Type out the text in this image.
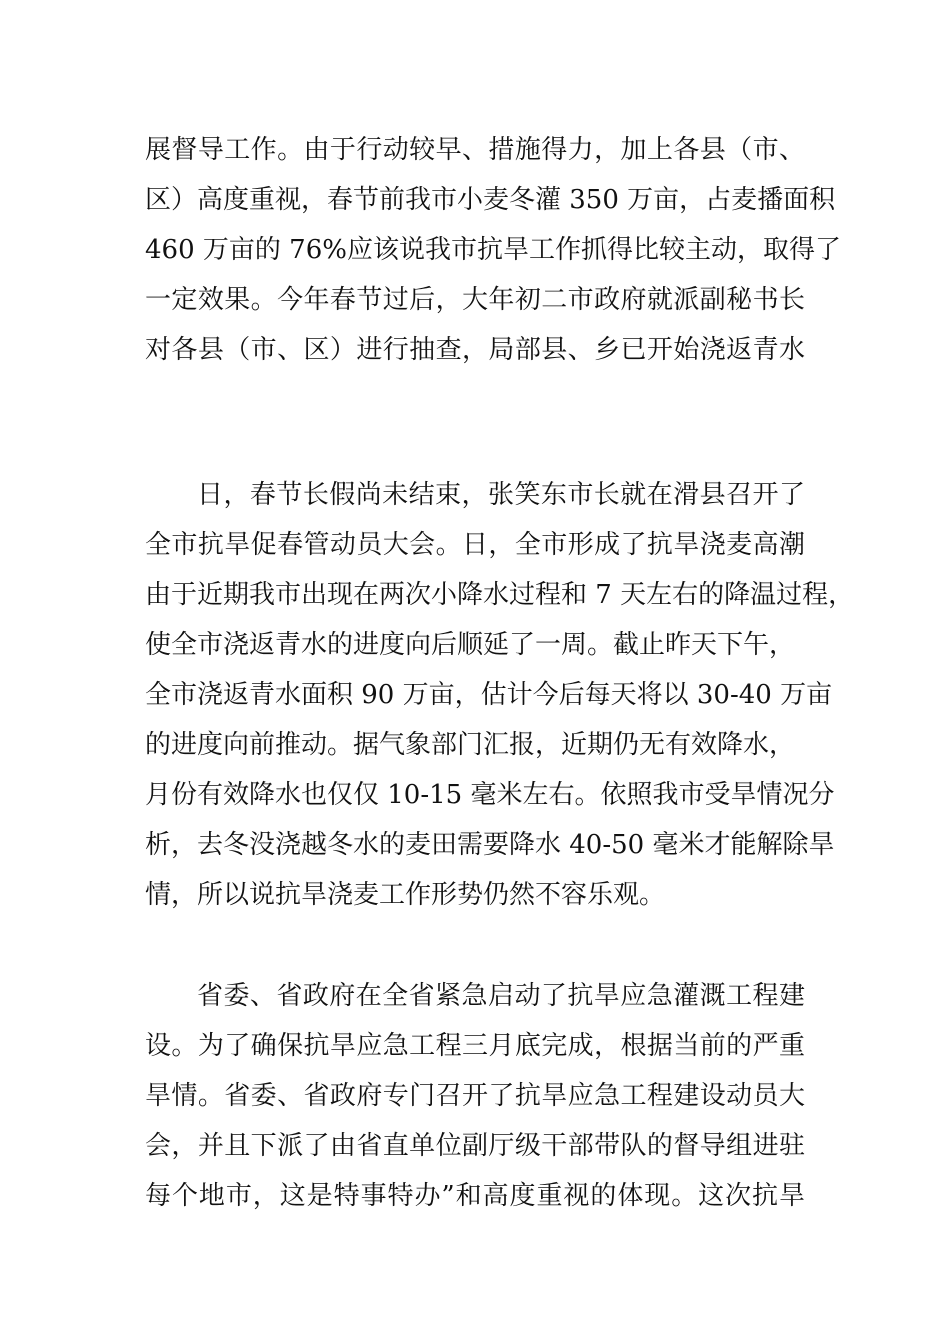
展督导工作。由于行动较早、措施得力，加上各县（市、
区）高度重视，春节前我市小麦冬灌 350 万亩，占麦播面积
460 万亩的 76%应该说我市抗旱工作抓得比较主动，取得了
一定效果。今年春节过后，大年初二市政府就派副秘书长
对各县（市、区）进行抽查，局部县、乡已开始浇返青水
日，春节长假尚未结束，张笑东市长就在滑县召开了
全市抗旱促春管动员大会。日，全市形成了抗旱浇麦高潮
由于近期我市出现在两次小降水过程和 7 天左右的降温过程，
使全市浇返青水的进度向后顺延了一周。截止昨天下午，
全市浇返青水面积 90 万亩，估计今后每天将以 30-40 万亩
的进度向前推动。据气象部门汇报，近期仍无有效降水，
月份有效降水也仅仅 10-15 毫米左右。依照我市受旱情况分
析，去冬没浇越冬水的麦田需要降水 40-50 毫米才能解除旱
情，所以说抗旱浇麦工作形势仍然不容乐观。
省委、省政府在全省紧急启动了抗旱应急灌溉工程建
设。为了确保抗旱应急工程三月底完成，根据当前的严重
旱情。省委、省政府专门召开了抗旱应急工程建设动员大
会，并且下派了由省直单位副厅级干部带队的督导组进驻
每个地市，这是特事特办”和高度重视的体现。这次抗旱
